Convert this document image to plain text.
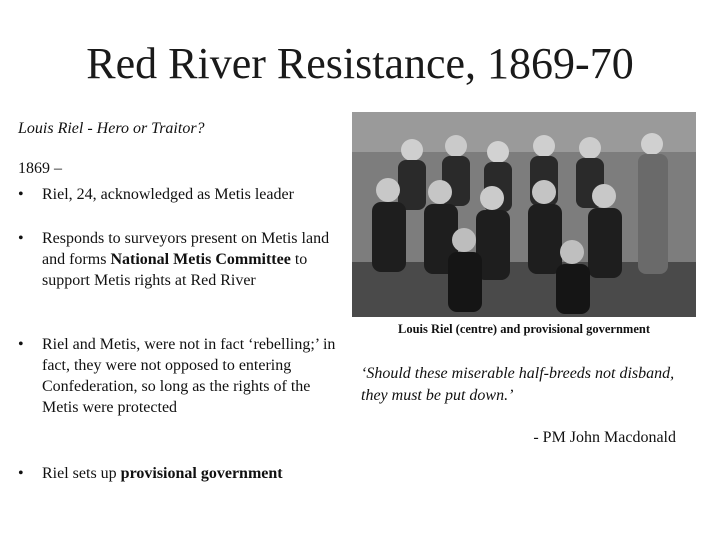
Red River Resistance, 1869-70
Louis Riel - Hero or Traitor?
1869 –
• Riel, 24, acknowledged as Metis leader
• Responds to surveyors present on Metis land and forms National Metis Committee to support Metis rights at Red River
• Riel and Metis, were not in fact ‘rebelling;’ in fact, they were not opposed to entering Confederation, so long as the rights of the Metis were protected
• Riel sets up provisional government
Louis Riel (centre) and provisional government
‘Should these miserable half-breeds not disband, they must be put down.’
- PM John Macdonald
